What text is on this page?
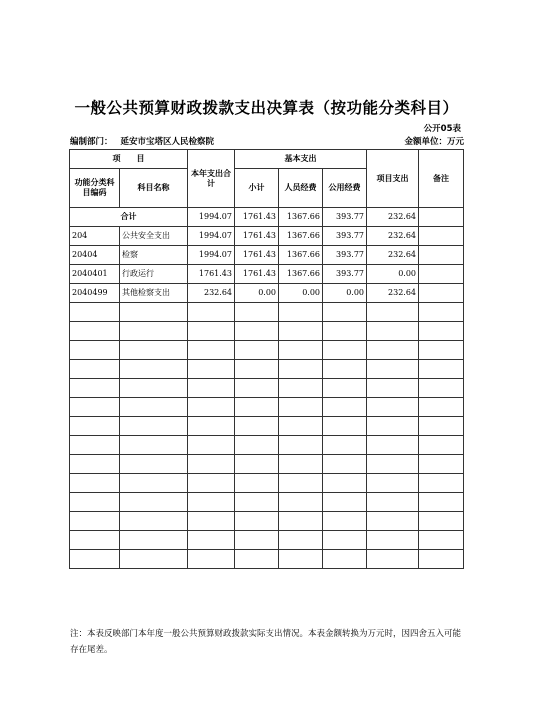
一般公共预算财政拨款支出决算表（按功能分类科目）
公开05表
编制部门： 延安市宝塔区人民检察院	金额单位：万元
项　　目		本年支出合计	基本支出			项目支出	备注
功能分类科目编码	科目名称		小计	人员经费	公用经费		
合计		1994.07	1761.43	1367.66	393.77	232.64	
204	公共安全支出	1994.07	1761.43	1367.66	393.77	232.64	
20404	检察	1994.07	1761.43	1367.66	393.77	232.64	
2040401	行政运行	1761.43	1761.43	1367.66	393.77	0.00	
2040499	其他检察支出	232.64	0.00	0.00	0.00	232.64	

注：本表反映部门本年度一般公共预算财政拨款实际支出情况。本表金额转换为万元时，因四舍五入可能存在尾差。
